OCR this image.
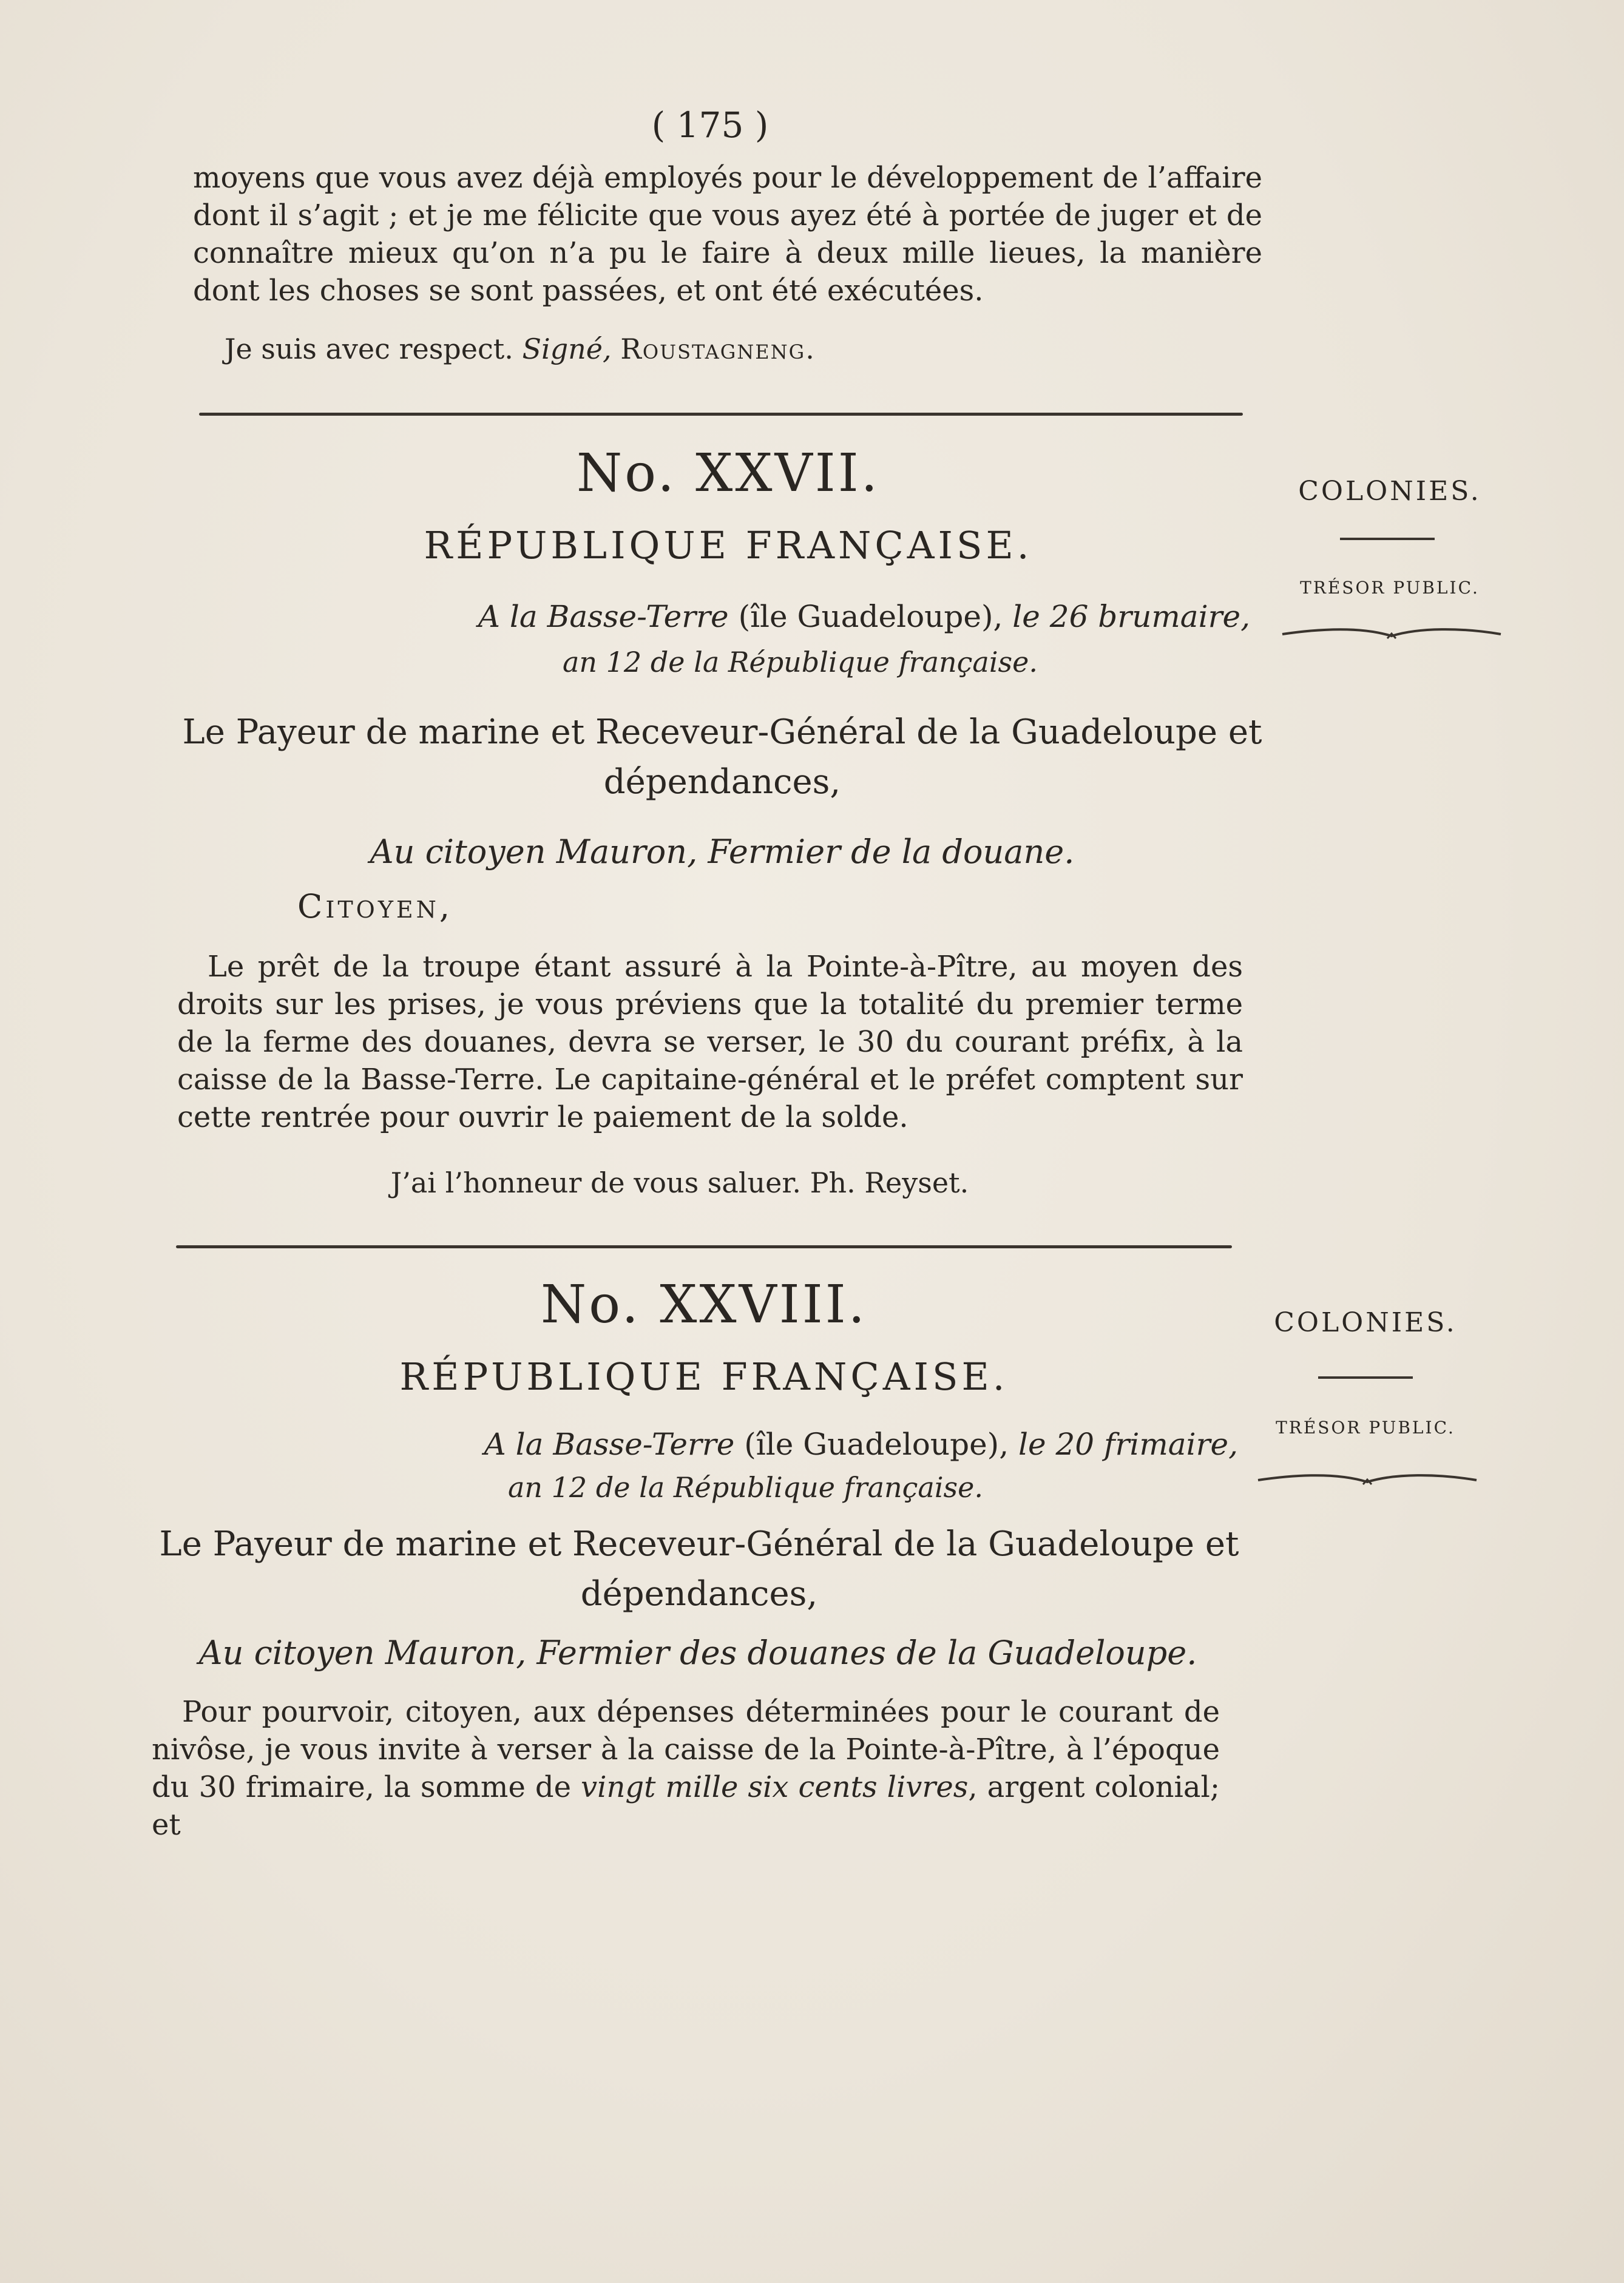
( 175 )
moyens que vous avez déjà employés pour le développement de l’affaire dont il s’agit ; et je me félicite que vous ayez été à portée de juger et de connaître mieux qu’on n’a pu le faire à deux mille lieues, la manière dont les choses se sont passées, et ont été exécutées.
Je suis avec respect. Signé, Roustagneng.
No. XXVII.
RÉPUBLIQUE FRANÇAISE.
A la Basse-Terre (île Guadeloupe), le 26 brumaire,
an 12 de la République française.
Le Payeur de marine et Receveur-Général de la Guadeloupe et dépendances,
Au citoyen Mauron, Fermier de la douane.
Citoyen,
Le prêt de la troupe étant assuré à la Pointe-à-Pître, au moyen des droits sur les prises, je vous préviens que la totalité du premier terme de la ferme des douanes, devra se verser, le 30 du courant préfix, à la caisse de la Basse-Terre. Le capitaine-général et le préfet comptent sur cette rentrée pour ouvrir le paiement de la solde.
J’ai l’honneur de vous saluer. Ph. Reyset.
COLONIES.
TRÉSOR PUBLIC.
No. XXVIII.
RÉPUBLIQUE FRANÇAISE.
A la Basse-Terre (île Guadeloupe), le 20 frimaire,
an 12 de la République française.
Le Payeur de marine et Receveur-Général de la Guadeloupe et dépendances,
Au citoyen Mauron, Fermier des douanes de la Guadeloupe.
Pour pourvoir, citoyen, aux dépenses déterminées pour le courant de nivôse, je vous invite à verser à la caisse de la Pointe-à-Pître, à l’époque du 30 frimaire, la somme de vingt mille six cents livres, argent colonial; et
COLONIES.
TRÉSOR PUBLIC.
